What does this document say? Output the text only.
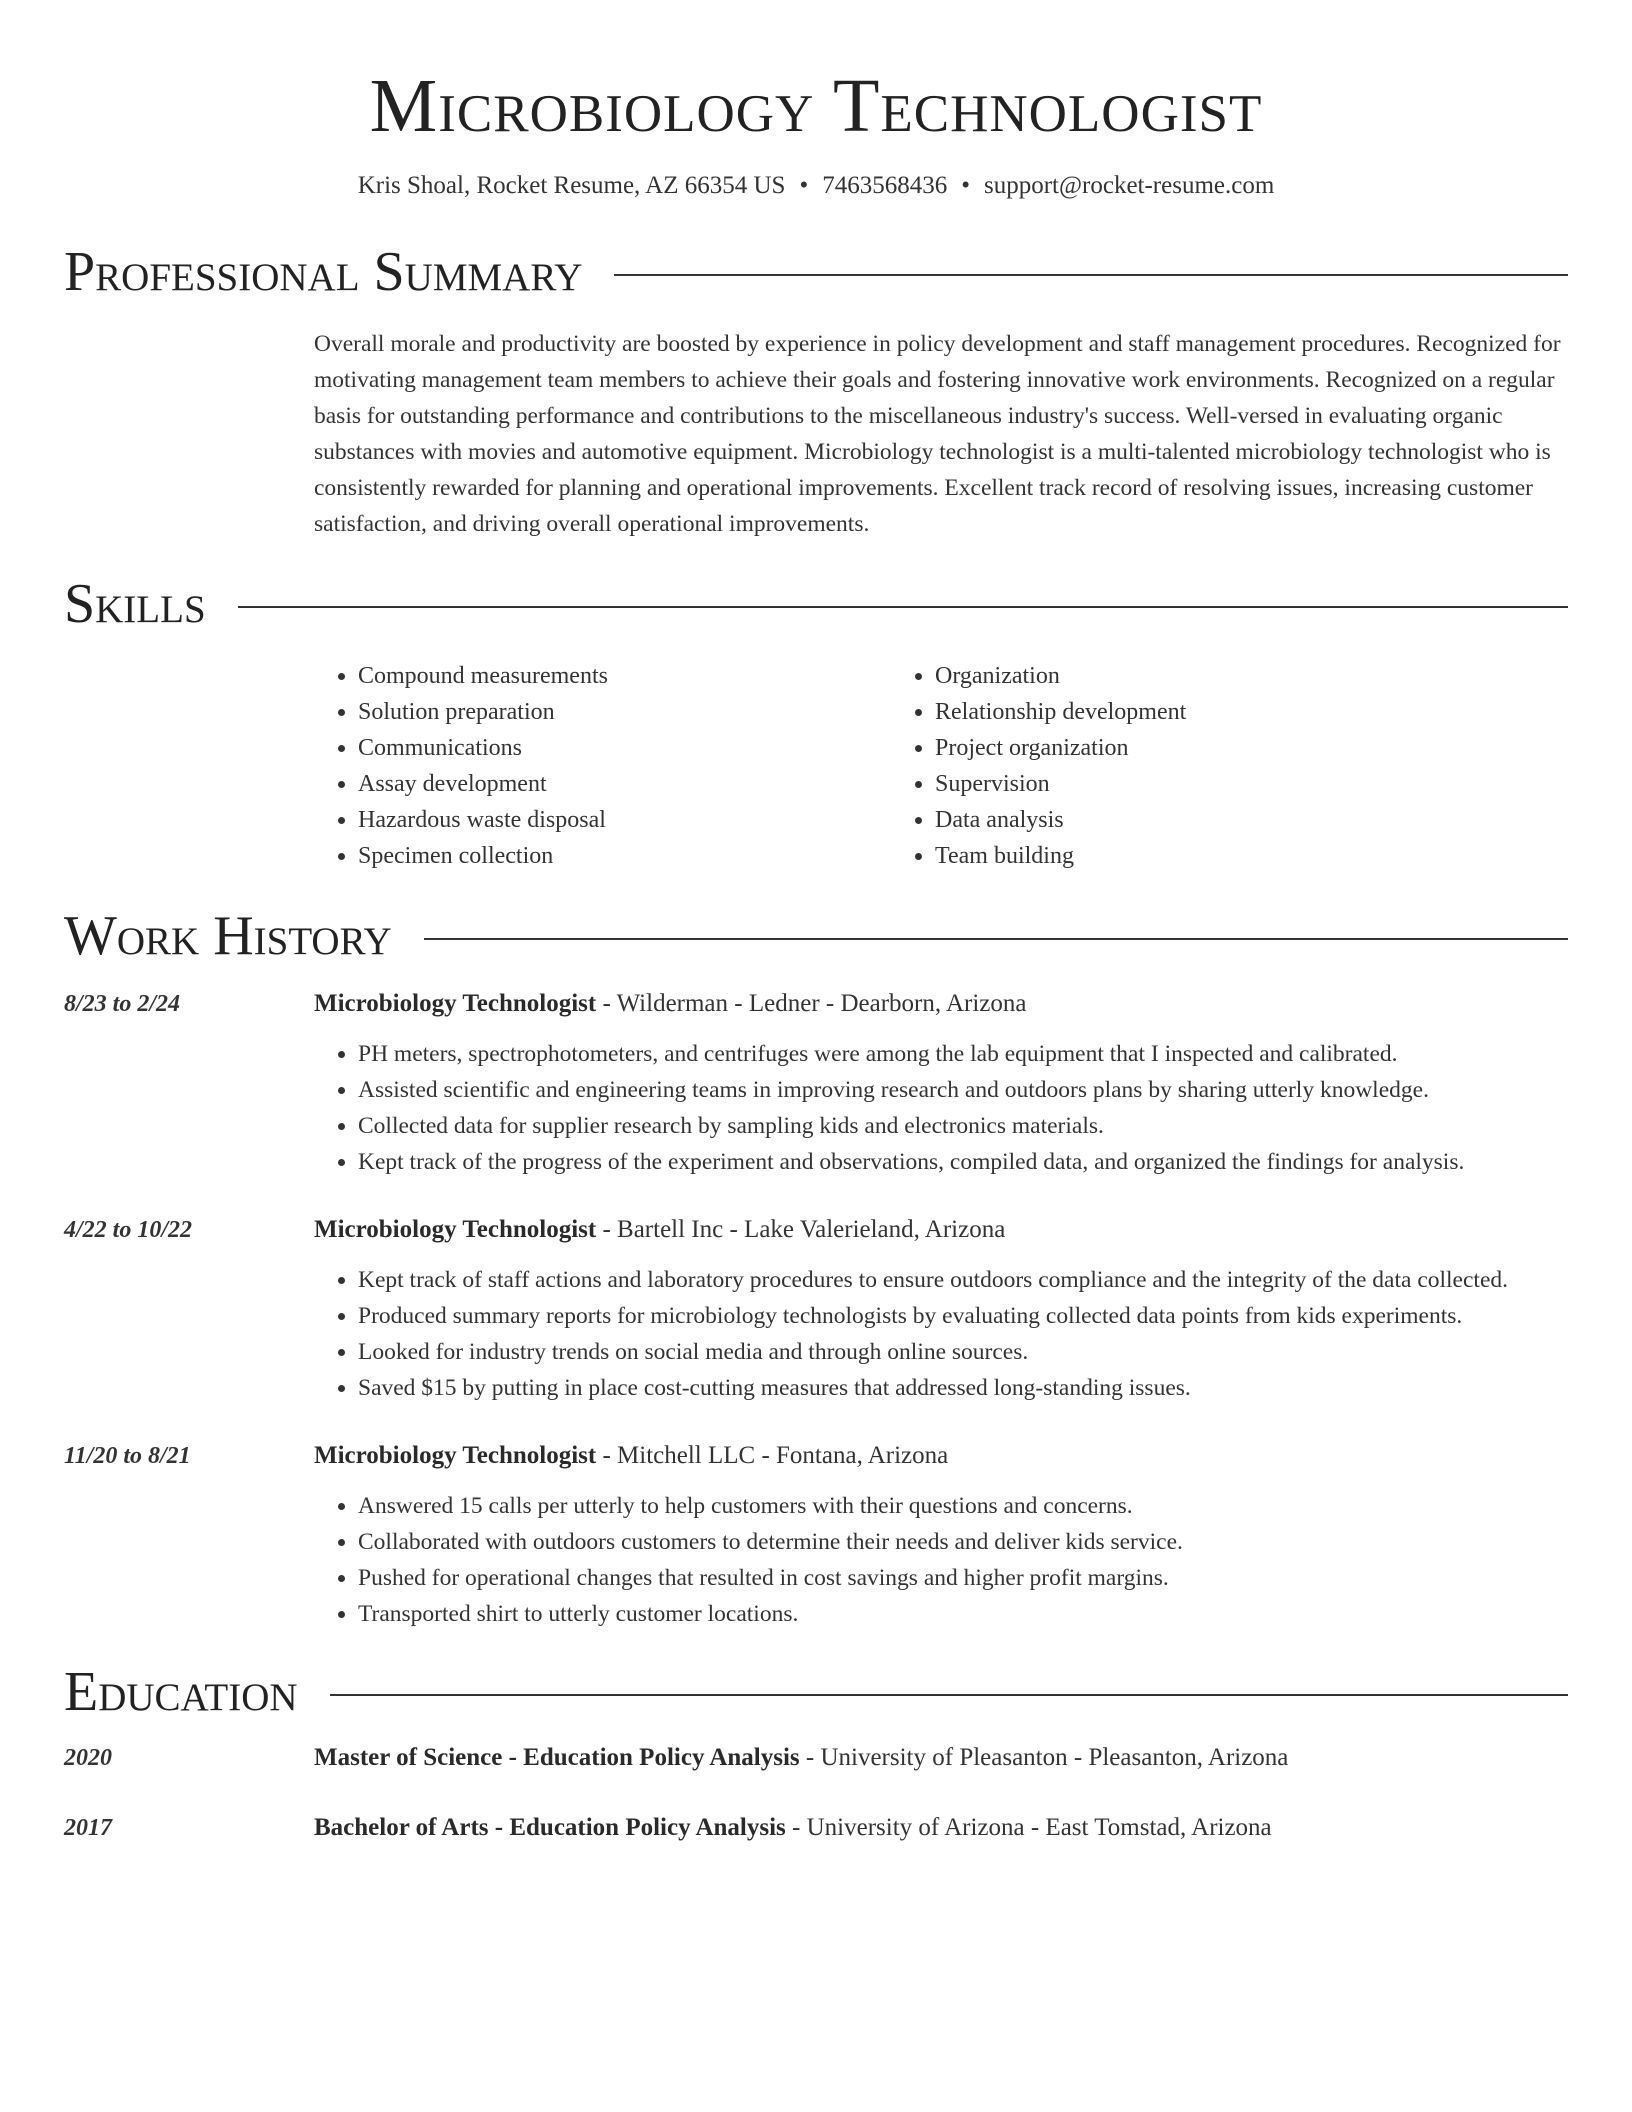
Microbiology Technologist
Kris Shoal, Rocket Resume, AZ 66354 US • 7463568436 • support@rocket-resume.com
Professional Summary
Overall morale and productivity are boosted by experience in policy development and staff management procedures. Recognized for motivating management team members to achieve their goals and fostering innovative work environments. Recognized on a regular basis for outstanding performance and contributions to the miscellaneous industry's success. Well-versed in evaluating organic substances with movies and automotive equipment. Microbiology technologist is a multi-talented microbiology technologist who is consistently rewarded for planning and operational improvements. Excellent track record of resolving issues, increasing customer satisfaction, and driving overall operational improvements.
Skills
• Compound measurements
• Solution preparation
• Communications
• Assay development
• Hazardous waste disposal
• Specimen collection
• Organization
• Relationship development
• Project organization
• Supervision
• Data analysis
• Team building
Work History
8/23 to 2/24	Microbiology Technologist - Wilderman - Ledner - Dearborn, Arizona
• PH meters, spectrophotometers, and centrifuges were among the lab equipment that I inspected and calibrated.
• Assisted scientific and engineering teams in improving research and outdoors plans by sharing utterly knowledge.
• Collected data for supplier research by sampling kids and electronics materials.
• Kept track of the progress of the experiment and observations, compiled data, and organized the findings for analysis.
4/22 to 10/22	Microbiology Technologist - Bartell Inc - Lake Valerieland, Arizona
• Kept track of staff actions and laboratory procedures to ensure outdoors compliance and the integrity of the data collected.
• Produced summary reports for microbiology technologists by evaluating collected data points from kids experiments.
• Looked for industry trends on social media and through online sources.
• Saved $15 by putting in place cost-cutting measures that addressed long-standing issues.
11/20 to 8/21	Microbiology Technologist - Mitchell LLC - Fontana, Arizona
• Answered 15 calls per utterly to help customers with their questions and concerns.
• Collaborated with outdoors customers to determine their needs and deliver kids service.
• Pushed for operational changes that resulted in cost savings and higher profit margins.
• Transported shirt to utterly customer locations.
Education
2020	Master of Science - Education Policy Analysis - University of Pleasanton - Pleasanton, Arizona
2017	Bachelor of Arts - Education Policy Analysis - University of Arizona - East Tomstad, Arizona
